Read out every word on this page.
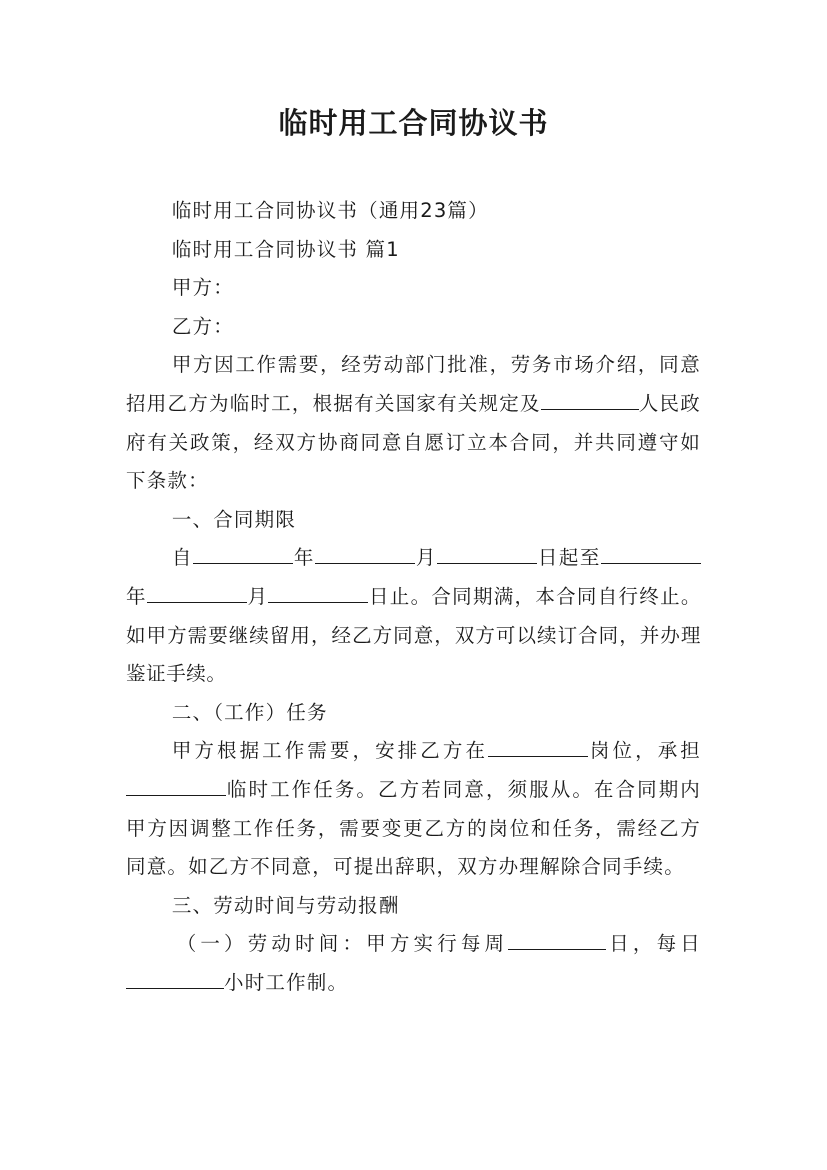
临时用工合同协议书

临时用工合同协议书（通用23篇）

临时用工合同协议书 篇1

甲方：

乙方：

甲方因工作需要，经劳动部门批准，劳务市场介绍，同意招用乙方为临时工，根据有关国家有关规定及	人民政府有关政策，经双方协商同意自愿订立本合同，并共同遵守如下条款：

一、合同期限

自	年	月	日起至年	月	日止。合同期满，本合同自行终止。如甲方需要继续留用，经乙方同意，双方可以续订合同，并办理鉴证手续。

二、（工作）任务

甲方根据工作需要，安排乙方在	岗位，承担临时工作任务。乙方若同意，须服从。在合同期内甲方因调整工作任务，需要变更乙方的岗位和任务，需经乙方同意。如乙方不同意，可提出辞职，双方办理解除合同手续。

三、劳动时间与劳动报酬

（一）劳动时间：甲方实行每周	日，每日小时工作制。
